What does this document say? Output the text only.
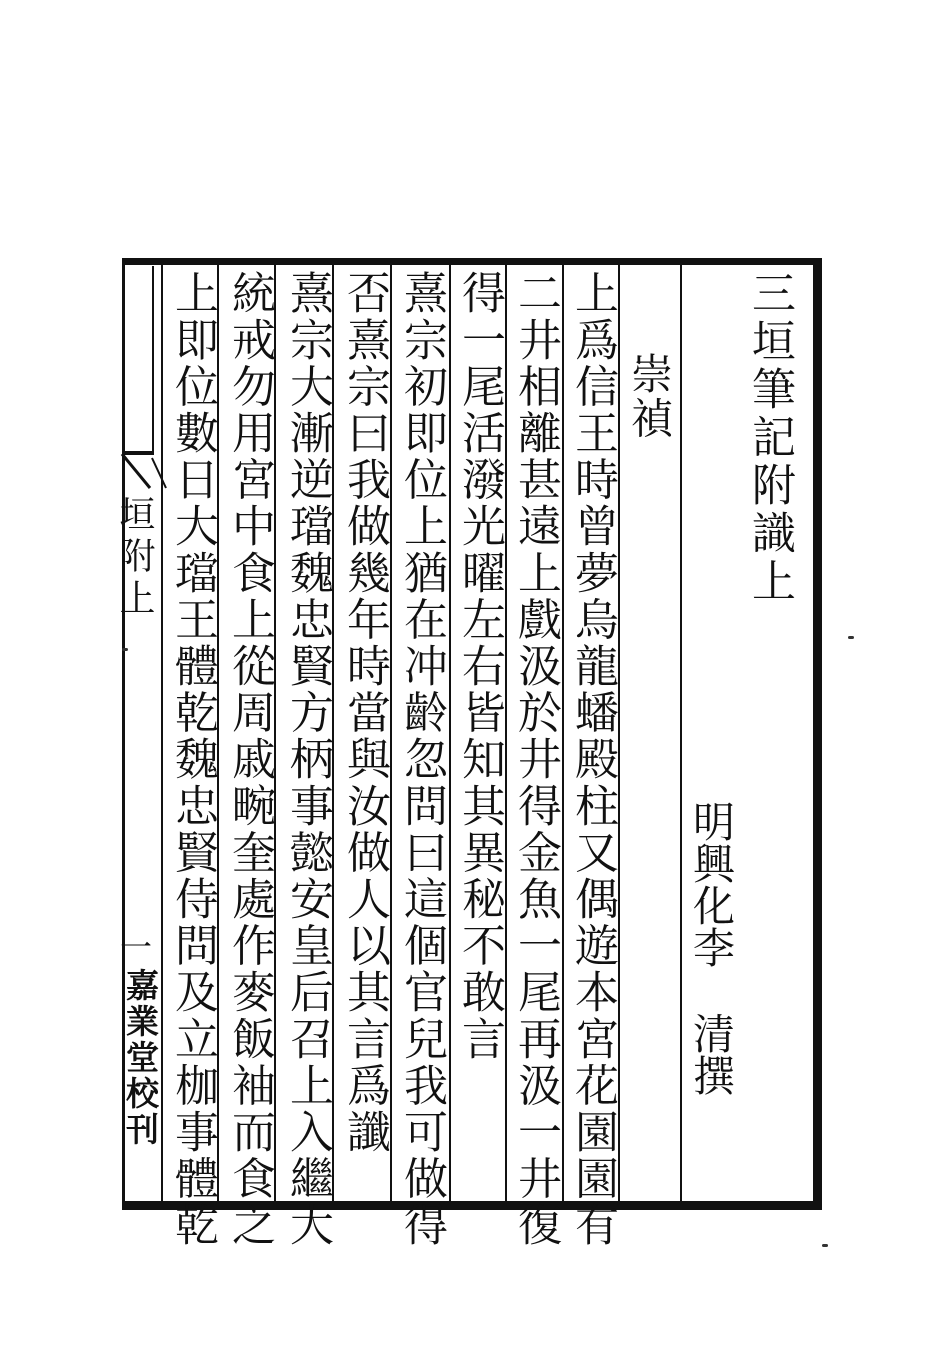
三垣筆記附識上
明興化李清撰
崇禎
上爲信王時曾夢烏龍蟠殿柱又偶遊本宮花園園有
二井相離甚遠上戲汲於井得金魚一尾再汲一井復
得一尾活潑光曜左右皆知其異秘不敢言
熹宗初即位上猶在冲齡忽問曰這個官兒我可做得
否熹宗曰我做幾年時當與汝做人以其言爲讖
熹宗大漸逆璫魏忠賢方柄事懿安皇后召上入繼大
統戒勿用宮中食上從周戚畹奎處作麥飯袖而食之
上即位數日大璫王體乾魏忠賢侍問及立枷事體乾
垣附上
一
嘉業堂校刊
